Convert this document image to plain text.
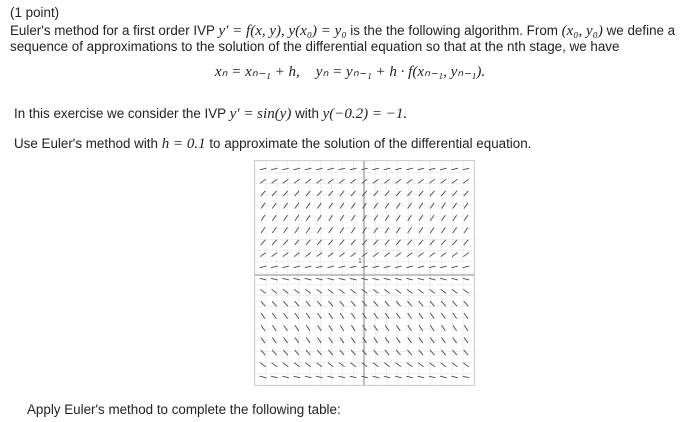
(1 point)
Euler's method for a first order IVP y′ = f(x, y), y(x₀) = y₀ is the the following algorithm. From (x₀, y₀) we define a
sequence of approximations to the solution of the differential equation so that at the nth stage, we have
xₙ = xₙ₋₁ + h, yₙ = yₙ₋₁ + h · f(xₙ₋₁, yₙ₋₁).
In this exercise we consider the IVP y′ = sin(y) with y(−0.2) = −1.
Use Euler's method with h = 0.1 to approximate the solution of the differential equation.
1
Apply Euler's method to complete the following table:
